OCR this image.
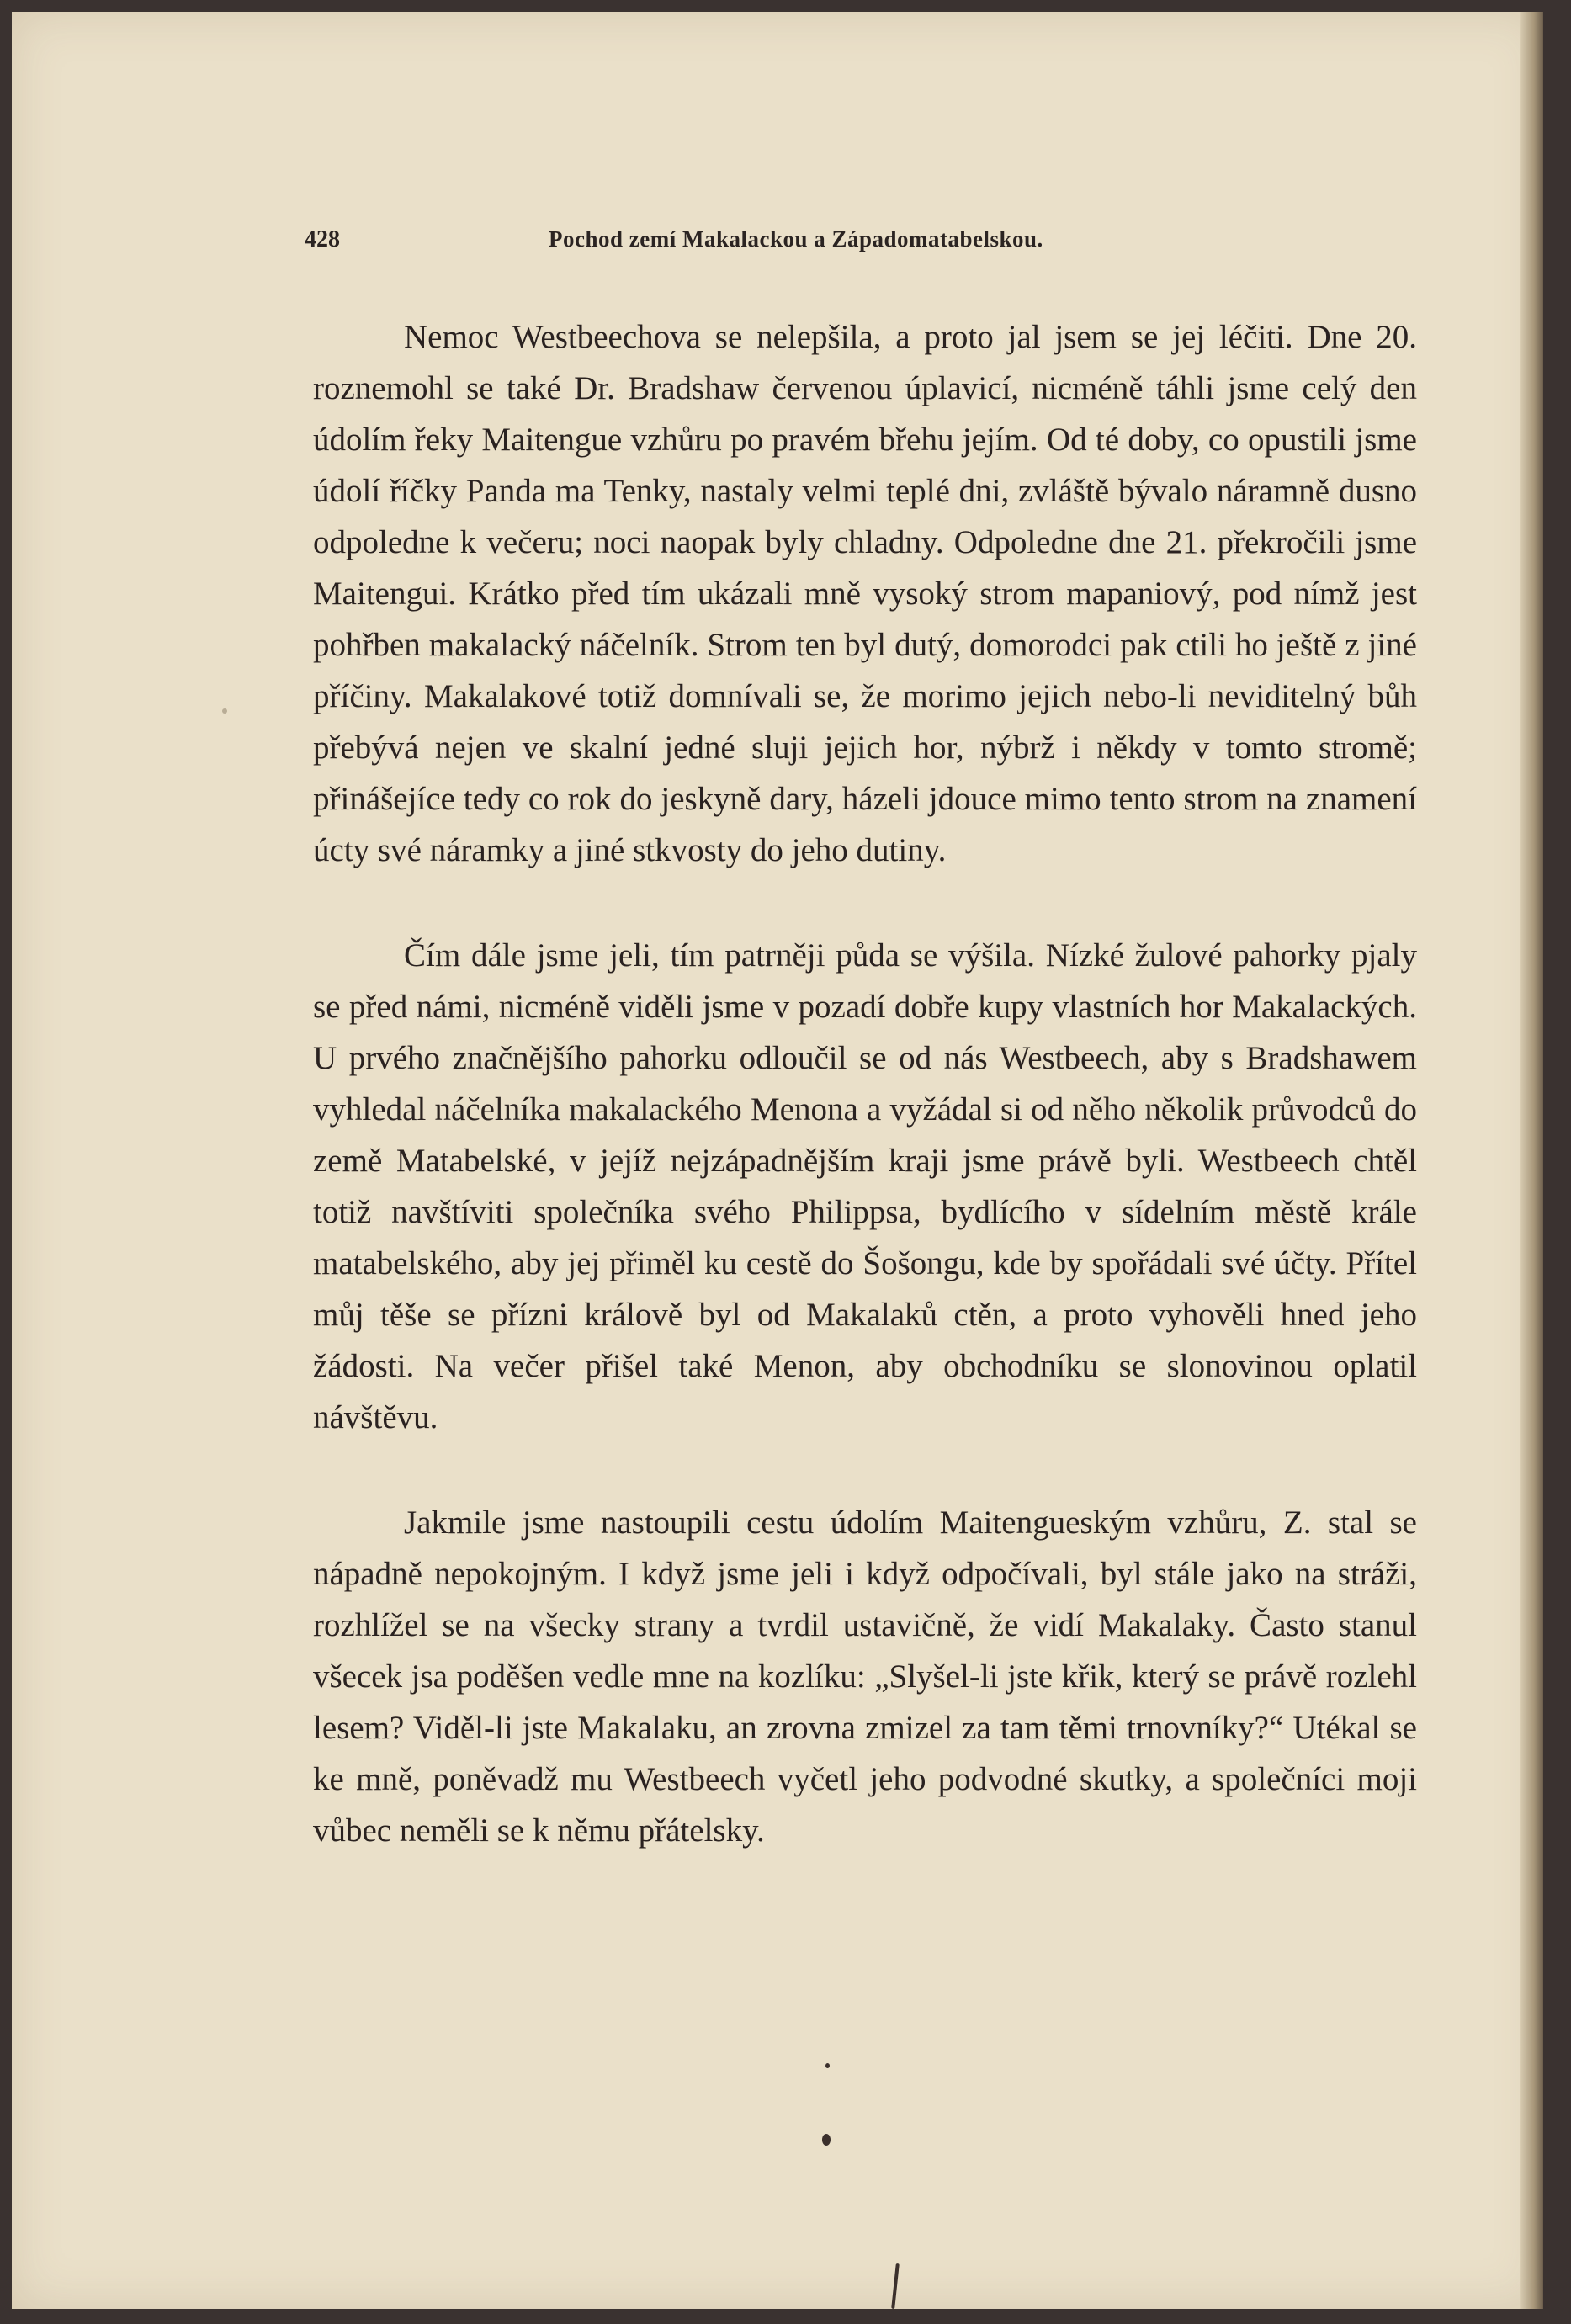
428	Pochod zemí Makalackou a Západomatabelskou.

Nemoc Westbeechova se nelepšila, a proto jal jsem se jej léčiti. Dne 20. roznemohl se také Dr. Bradshaw červenou úplavicí, nicméně táhli jsme celý den údolím řeky Maitengue vzhůru po pravém břehu jejím. Od té doby, co opustili jsme údolí říčky Panda ma Tenky, nastaly velmi teplé dni, zvláště bývalo náramně dusno odpoledne k večeru; noci naopak byly chladny. Odpoledne dne 21. překročili jsme Maitengui. Krátko před tím ukázali mně vysoký strom mapaniový, pod nímž jest pohřben makalacký náčelník. Strom ten byl dutý, domorodci pak ctili ho ještě z jiné příčiny. Makalakové totiž domnívali se, že morimo jejich nebo-li neviditelný bůh přebývá nejen ve skalní jedné sluji jejich hor, nýbrž i někdy v tomto stromě; přinášejíce tedy co rok do jeskyně dary, házeli jdouce mimo tento strom na znamení úcty své náramky a jiné stkvosty do jeho dutiny.

Čím dále jsme jeli, tím patrněji půda se výšila. Nízké žulové pahorky pjaly se před námi, nicméně viděli jsme v pozadí dobře kupy vlastních hor Makalackých. U prvého značnějšího pahorku odloučil se od nás Westbeech, aby s Bradshawem vyhledal náčelníka makalackého Menona a vyžádal si od něho několik průvodců do země Matabelské, v jejíž nejzápadnějším kraji jsme právě byli. Westbeech chtěl totiž navštíviti společníka svého Philippsa, bydlícího v sídelním městě krále matabelského, aby jej přiměl ku cestě do Šošongu, kde by spořádali své účty. Přítel můj těše se přízni králově byl od Makalaků ctěn, a proto vyhověli hned jeho žádosti. Na večer přišel také Menon, aby obchodníku se slonovinou oplatil návštěvu.

Jakmile jsme nastoupili cestu údolím Maitengueským vzhůru, Z. stal se nápadně nepokojným. I když jsme jeli i když odpočívali, byl stále jako na stráži, rozhlížel se na všecky strany a tvrdil ustavičně, že vidí Makalaky. Často stanul všecek jsa poděšen vedle mne na kozlíku: „Slyšel-li jste křik, který se právě rozlehl lesem? Viděl-li jste Makalaku, an zrovna zmizel za tam těmi trnovníky?“ Utékal se ke mně, poněvadž mu Westbeech vyčetl jeho podvodné skutky, a společníci moji vůbec neměli se k němu přátelsky.
